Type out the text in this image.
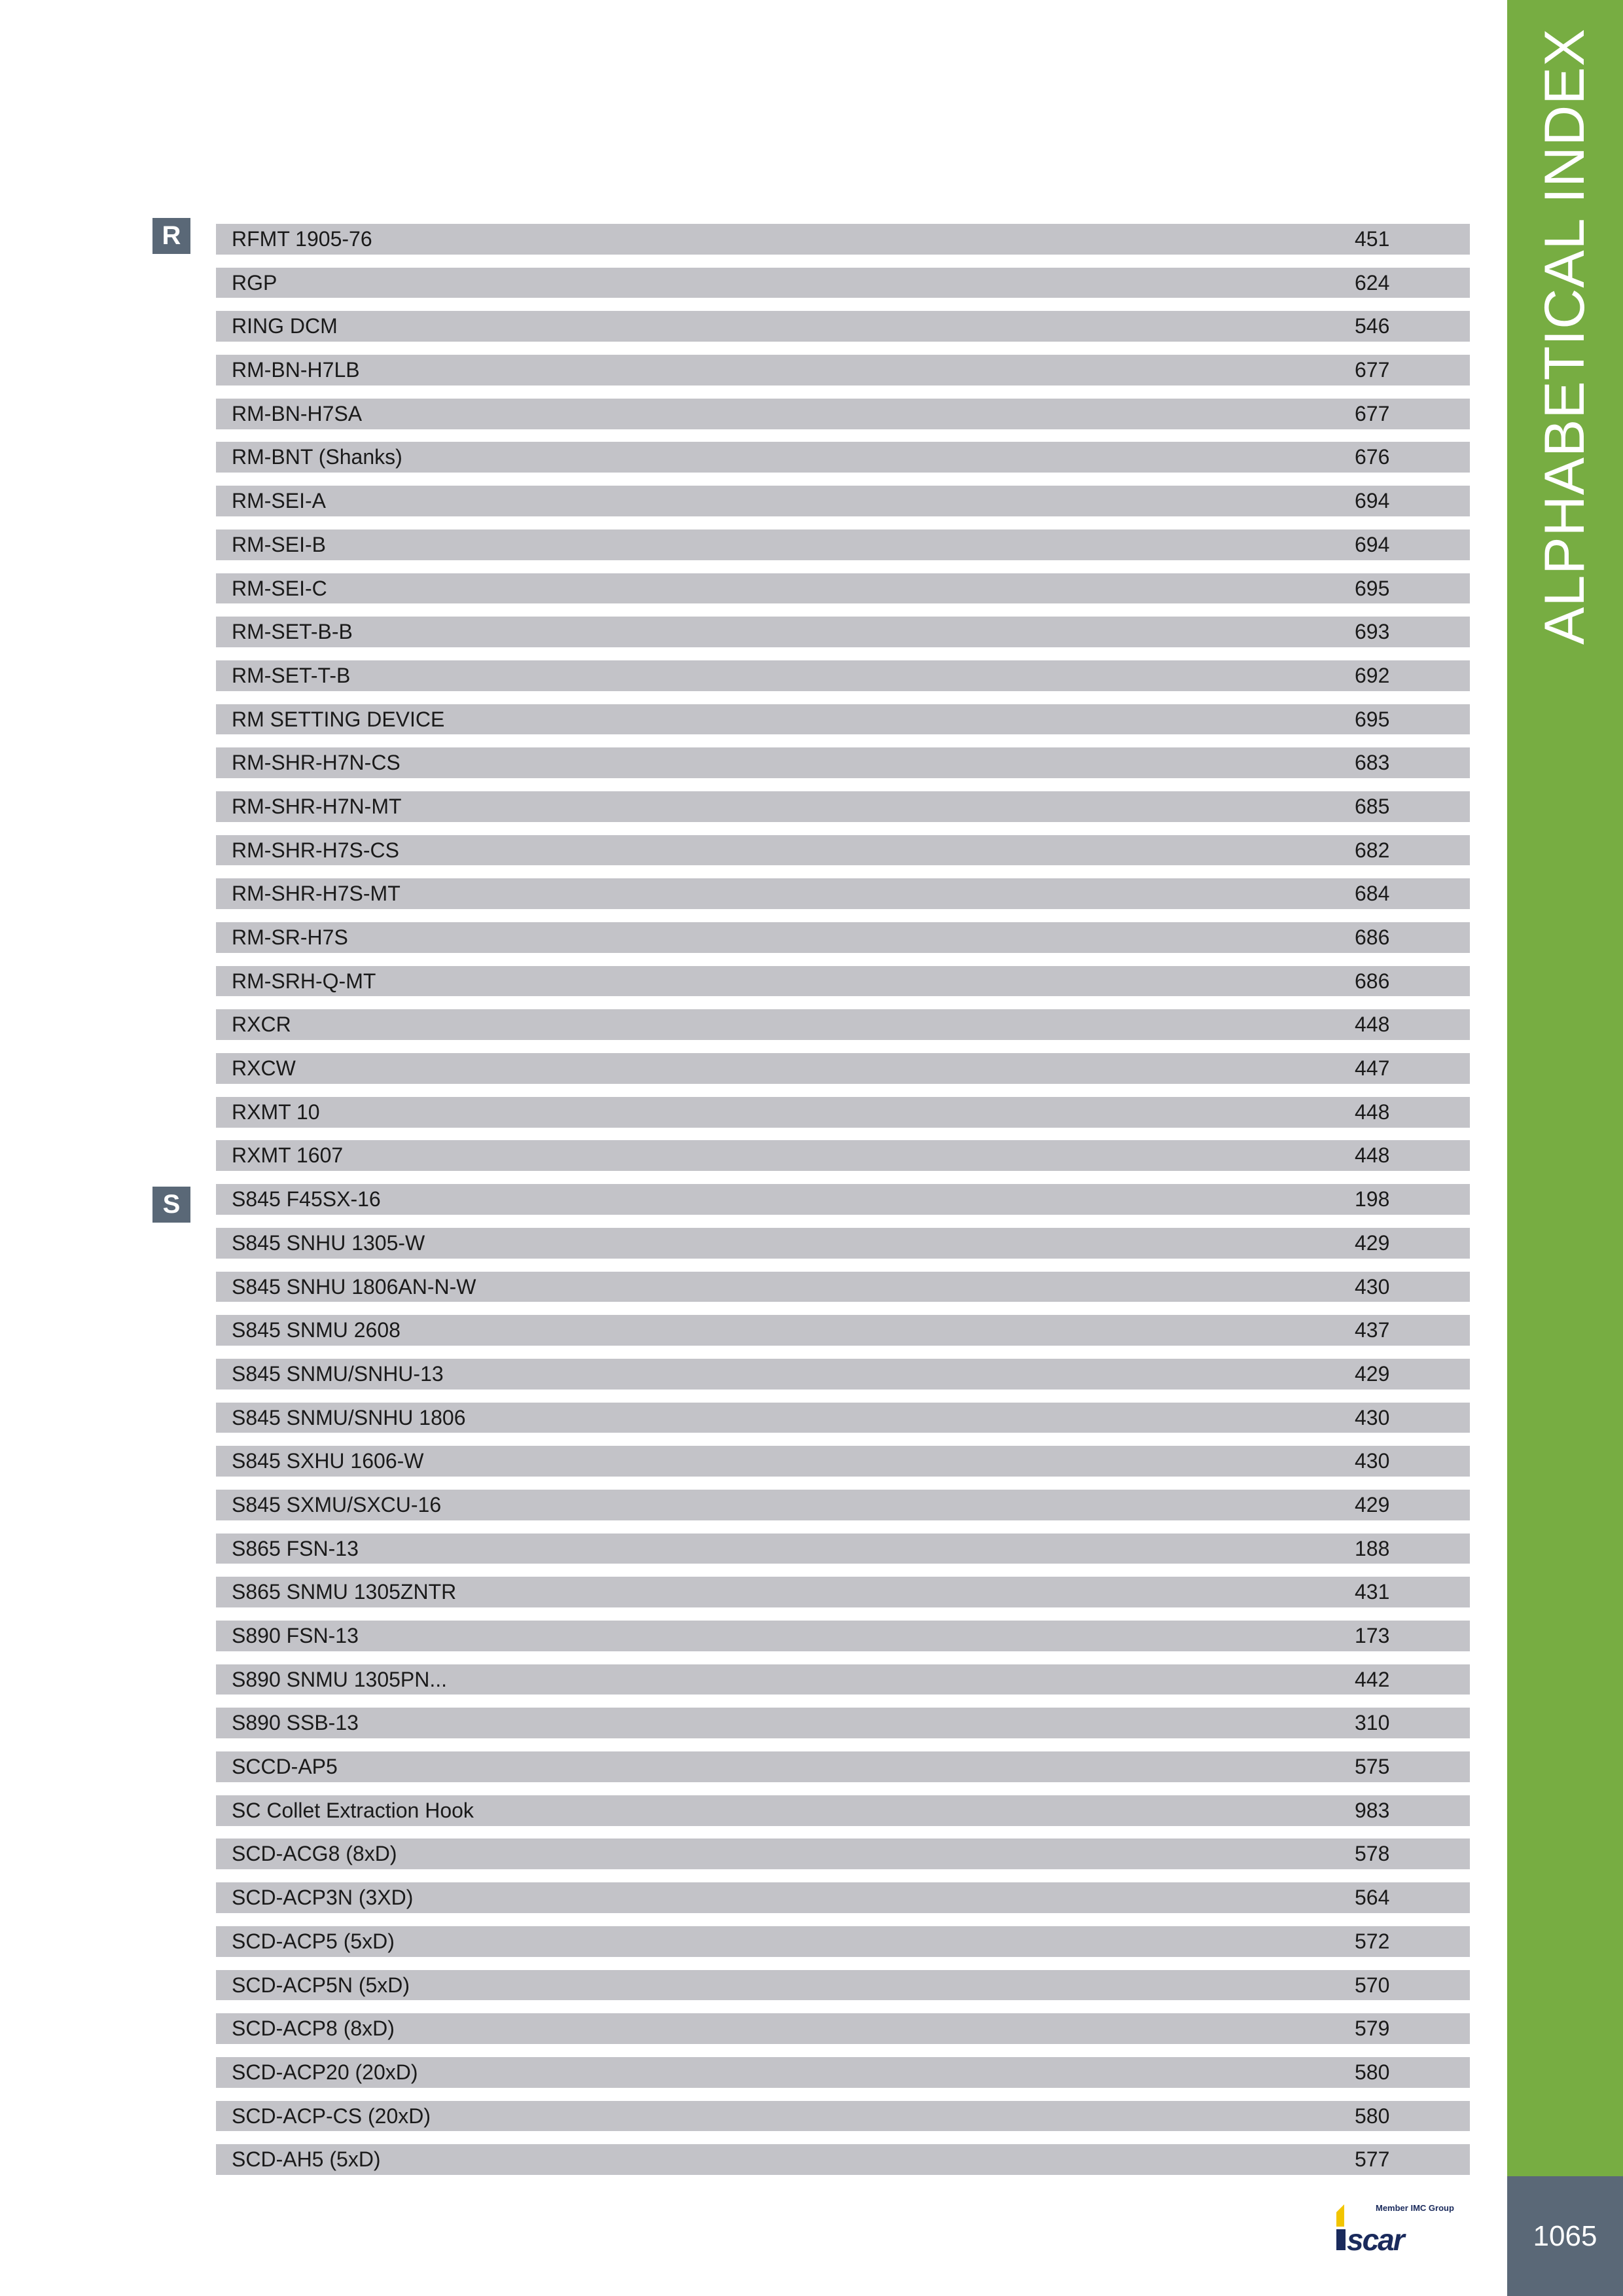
ALPHABETICAL INDEX
R
S
RFMT 1905-76	451
RGP	624
RING DCM	546
RM-BN-H7LB	677
RM-BN-H7SA	677
RM-BNT (Shanks)	676
RM-SEI-A	694
RM-SEI-B	694
RM-SEI-C	695
RM-SET-B-B	693
RM-SET-T-B	692
RM SETTING DEVICE	695
RM-SHR-H7N-CS	683
RM-SHR-H7N-MT	685
RM-SHR-H7S-CS	682
RM-SHR-H7S-MT	684
RM-SR-H7S	686
RM-SRH-Q-MT	686
RXCR	448
RXCW	447
RXMT 10	448
RXMT 1607	448
S845 F45SX-16	198
S845 SNHU 1305-W	429
S845 SNHU 1806AN-N-W	430
S845 SNMU 2608	437
S845 SNMU/SNHU-13	429
S845 SNMU/SNHU 1806	430
S845 SXHU 1606-W	430
S845 SXMU/SXCU-16	429
S865 FSN-13	188
S865 SNMU 1305ZNTR	431
S890 FSN-13	173
S890 SNMU 1305PN...	442
S890 SSB-13	310
SCCD-AP5	575
SC Collet Extraction Hook	983
SCD-ACG8 (8xD)	578
SCD-ACP3N (3XD)	564
SCD-ACP5 (5xD)	572
SCD-ACP5N (5xD)	570
SCD-ACP8 (8xD)	579
SCD-ACP20 (20xD)	580
SCD-ACP-CS (20xD)	580
SCD-AH5 (5xD)	577
Member IMC Group
scar	1065
